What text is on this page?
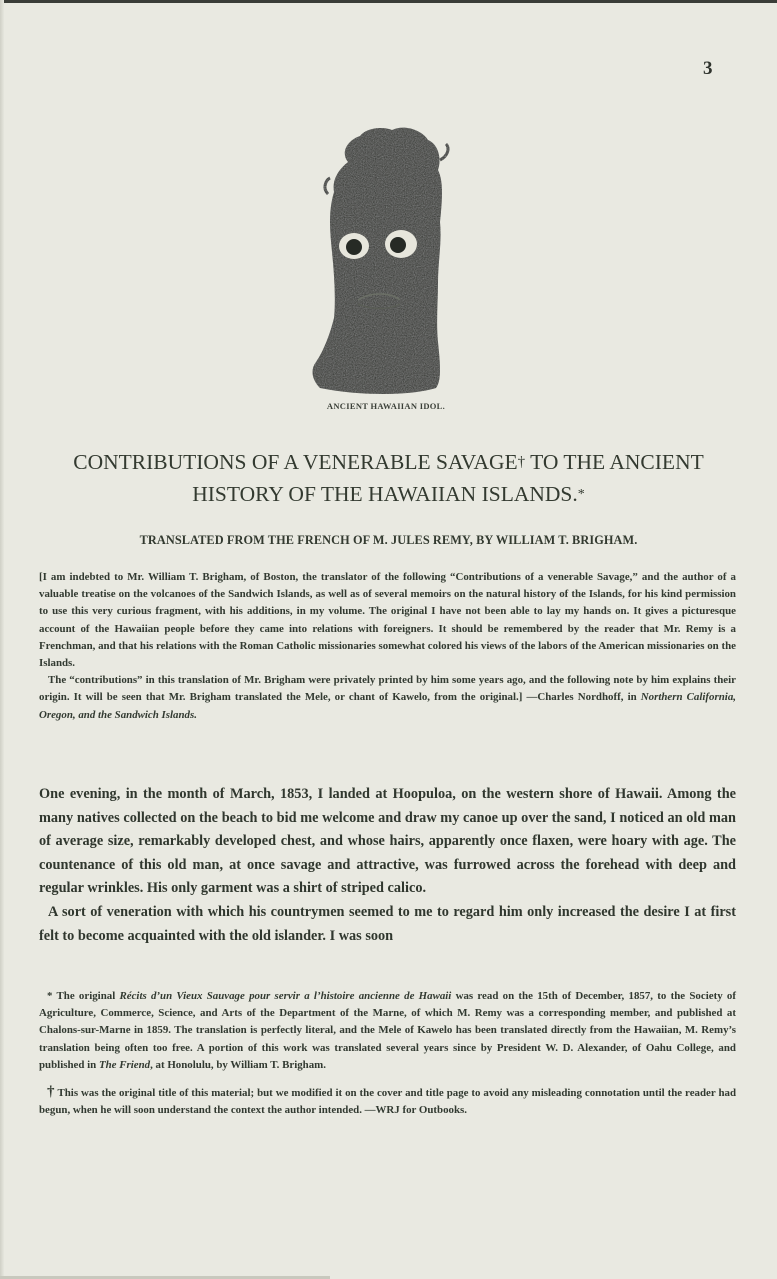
3
ANCIENT HAWAIIAN IDOL.
CONTRIBUTIONS OF A VENERABLE SAVAGE† TO THE ANCIENT
HISTORY OF THE HAWAIIAN ISLANDS.*
TRANSLATED FROM THE FRENCH OF M. JULES REMY, BY WILLIAM T. BRIGHAM.

[I am indebted to Mr. William T. Brigham, of Boston, the translator of the following “Contributions of a venerable Savage,” and the author of a valuable treatise on the volcanoes of the Sandwich Islands, as well as of several memoirs on the natural history of the Islands, for his kind permission to use this very curious fragment, with his additions, in my volume. The original I have not been able to lay my hands on. It gives a picturesque account of the Hawaiian people before they came into relations with foreigners. It should be remembered by the reader that Mr. Remy is a Frenchman, and that his relations with the Roman Catholic missionaries somewhat colored his views of the labors of the American missionaries on the Islands.

The “contributions” in this translation of Mr. Brigham were privately printed by him some years ago, and the following note by him explains their origin. It will be seen that Mr. Brigham translated the Mele, or chant of Kawelo, from the original.] —Charles Nordhoff, in Northern California, Oregon, and the Sandwich Islands.

One evening, in the month of March, 1853, I landed at Hoopuloa, on the western shore of Hawaii. Among the many natives collected on the beach to bid me welcome and draw my canoe up over the sand, I noticed an old man of average size, remarkably developed chest, and whose hairs, apparently once flaxen, were hoary with age. The countenance of this old man, at once savage and attractive, was furrowed across the forehead with deep and regular wrinkles. His only garment was a shirt of striped calico.

A sort of veneration with which his countrymen seemed to me to regard him only increased the desire I at first felt to become acquainted with the old islander. I was soon

* The original Récits d’un Vieux Sauvage pour servir a l’histoire ancienne de Hawaii was read on the 15th of December, 1857, to the Society of Agriculture, Commerce, Science, and Arts of the Department of the Marne, of which M. Remy was a corresponding member, and published at Chalons-sur-Marne in 1859. The translation is perfectly literal, and the Mele of Kawelo has been translated directly from the Hawaiian, M. Remy’s translation being often too free. A portion of this work was translated several years since by President W. D. Alexander, of Oahu College, and published in The Friend, at Honolulu, by William T. Brigham.

† This was the original title of this material; but we modified it on the cover and title page to avoid any misleading connotation until the reader had begun, when he will soon understand the context the author intended. —WRJ for Outbooks.
